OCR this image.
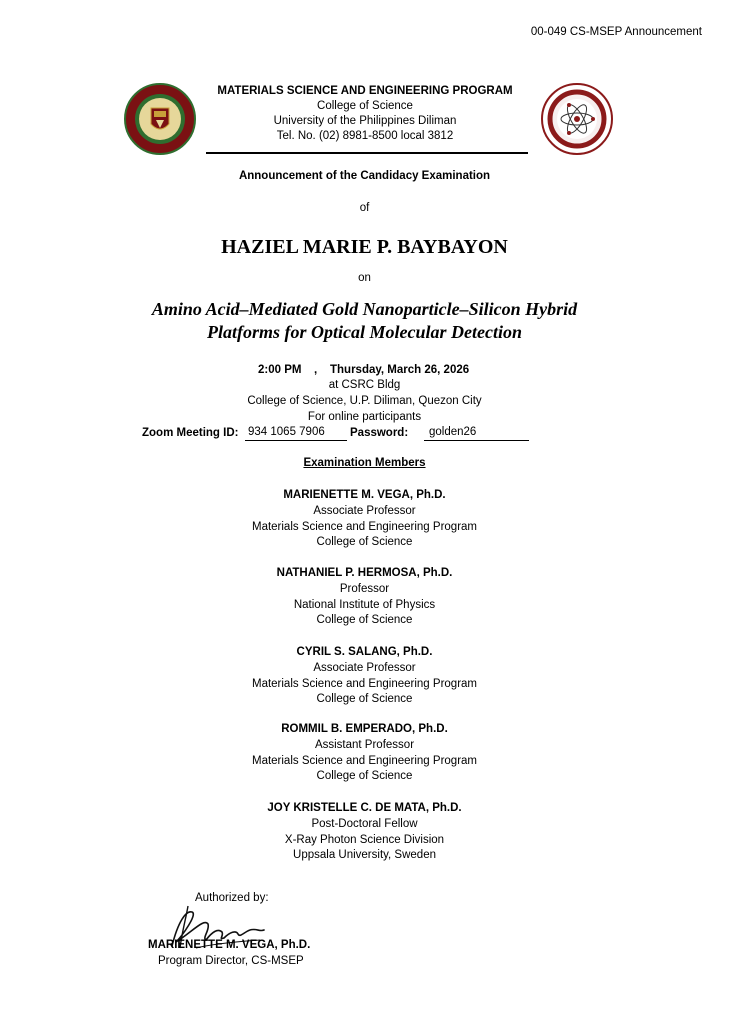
00-049 CS-MSEP Announcement
MATERIALS SCIENCE AND ENGINEERING PROGRAM
College of Science
University of the Philippines Diliman
Tel. No. (02) 8981-8500 local 3812
Announcement of the Candidacy Examination
of
HAZIEL MARIE P. BAYBAYON
on
Amino Acid–Mediated Gold Nanoparticle–Silicon Hybrid
Platforms for Optical Molecular Detection
2:00 PM , Thursday, March 26, 2026
at CSRC Bldg
College of Science, U.P. Diliman, Quezon City
For online participants
Zoom Meeting ID: 934 1065 7906	Password:	golden26
Examination Members
MARIENETTE M. VEGA, Ph.D.
Associate Professor
Materials Science and Engineering Program
College of Science
NATHANIEL P. HERMOSA, Ph.D.
Professor
National Institute of Physics
College of Science
CYRIL S. SALANG, Ph.D.
Associate Professor
Materials Science and Engineering Program
College of Science
ROMMIL B. EMPERADO, Ph.D.
Assistant Professor
Materials Science and Engineering Program
College of Science
JOY KRISTELLE C. DE MATA, Ph.D.
Post-Doctoral Fellow
X-Ray Photon Science Division
Uppsala University, Sweden
Authorized by:
MARIENETTE M. VEGA, Ph.D.
Program Director, CS-MSEP
